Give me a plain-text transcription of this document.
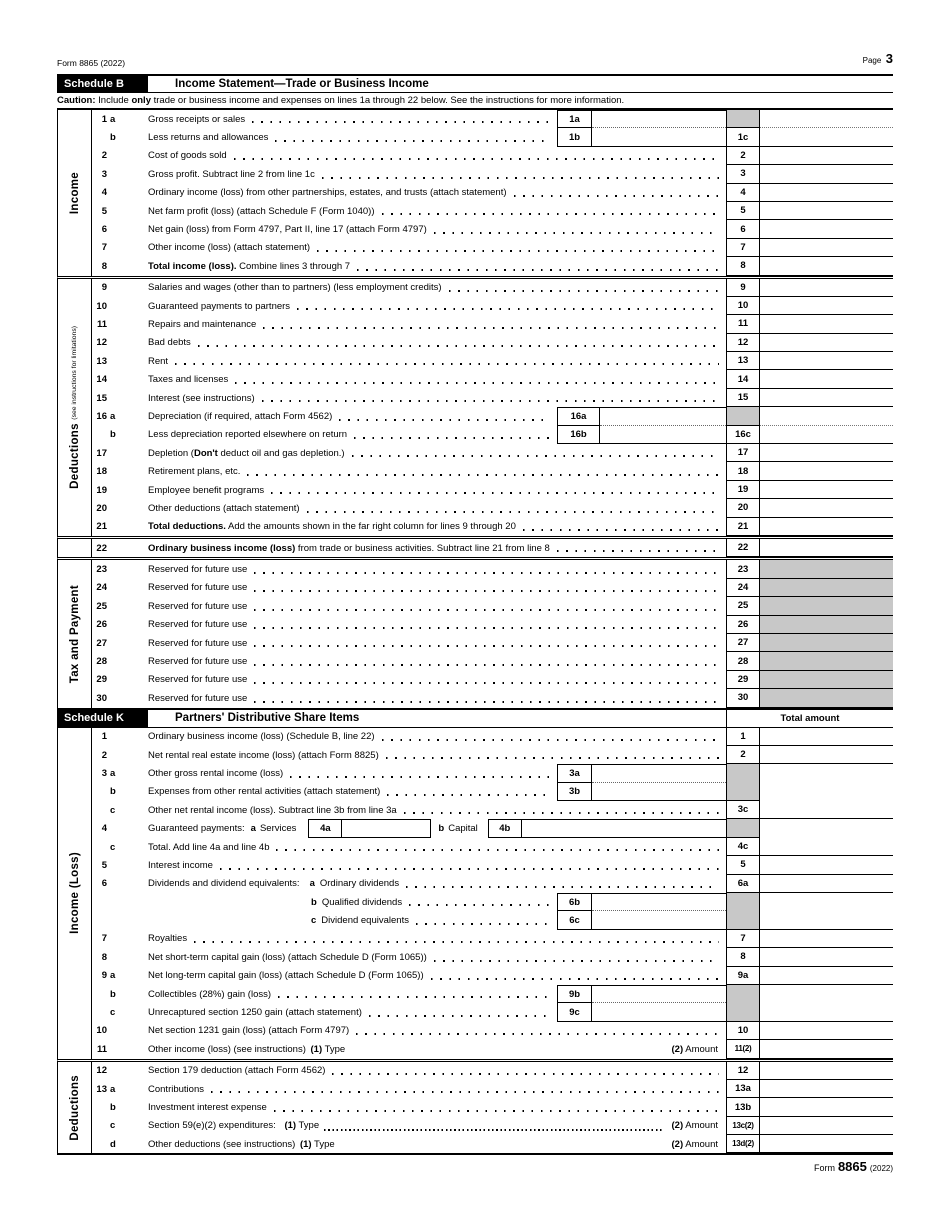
Form 8865 (2022)	Page 3
Schedule B	Income Statement—Trade or Business Income
Caution: Include only trade or business income and expenses on lines 1a through 22 below. See the instructions for more information.
Income
1 a	Gross receipts or sales	1a
b	Less returns and allowances	1b	1c
2	Cost of goods sold	2
3	Gross profit. Subtract line 2 from line 1c	3
4	Ordinary income (loss) from other partnerships, estates, and trusts (attach statement)	4
5	Net farm profit (loss) (attach Schedule F (Form 1040))	5
6	Net gain (loss) from Form 4797, Part II, line 17 (attach Form 4797)	6
7	Other income (loss) (attach statement)	7
8	Total income (loss). Combine lines 3 through 7	8
Deductions (see instructions for limitations)
9	Salaries and wages (other than to partners) (less employment credits)	9
10	Guaranteed payments to partners	10
11	Repairs and maintenance	11
12	Bad debts	12
13	Rent	13
14	Taxes and licenses	14
15	Interest (see instructions)	15
16 a	Depreciation (if required, attach Form 4562)	16a
b	Less depreciation reported elsewhere on return	16b	16c
17	Depletion ( Don't deduct oil and gas depletion.)	17
18	Retirement plans, etc.	18
19	Employee benefit programs	19
20	Other deductions (attach statement)	20
21	Total deductions. Add the amounts shown in the far right column for lines 9 through 20	21
22	Ordinary business income (loss) from trade or business activities. Subtract line 21 from line 8	22
Tax and Payment
23	Reserved for future use	23
24	Reserved for future use	24
25	Reserved for future use	25
26	Reserved for future use	26
27	Reserved for future use	27
28	Reserved for future use	28
29	Reserved for future use	29
30	Reserved for future use	30
Schedule K	Partners' Distributive Share Items	Total amount
Income (Loss)
1	Ordinary business income (loss) (Schedule B, line 22)	1
2	Net rental real estate income (loss) (attach Form 8825)	2
3 a	Other gross rental income (loss)	3a
b	Expenses from other rental activities (attach statement)	3b
c	Other net rental income (loss). Subtract line 3b from line 3a	3c
4	Guaranteed payments: a Services	4a	b Capital	4b
c	Total. Add line 4a and line 4b	4c
5	Interest income	5
6	Dividends and dividend equivalents: a Ordinary dividends	6a
b Qualified dividends	6b
c Dividend equivalents	6c
7	Royalties	7
8	Net short-term capital gain (loss) (attach Schedule D (Form 1065))	8
9 a	Net long-term capital gain (loss) (attach Schedule D (Form 1065))	9a
b	Collectibles (28%) gain (loss)	9b
c	Unrecaptured section 1250 gain (attach statement)	9c
10	Net section 1231 gain (loss) (attach Form 4797)	10
11	Other income (loss) (see instructions) (1) Type	(2) Amount	11(2)
Deductions
12	Section 179 deduction (attach Form 4562)	12
13 a	Contributions	13a
b	Investment interest expense	13b
c	Section 59(e)(2) expenditures: (1) Type	(2) Amount	13c(2)
d	Other deductions (see instructions) (1) Type	(2) Amount	13d(2)
Form 8865 (2022)
